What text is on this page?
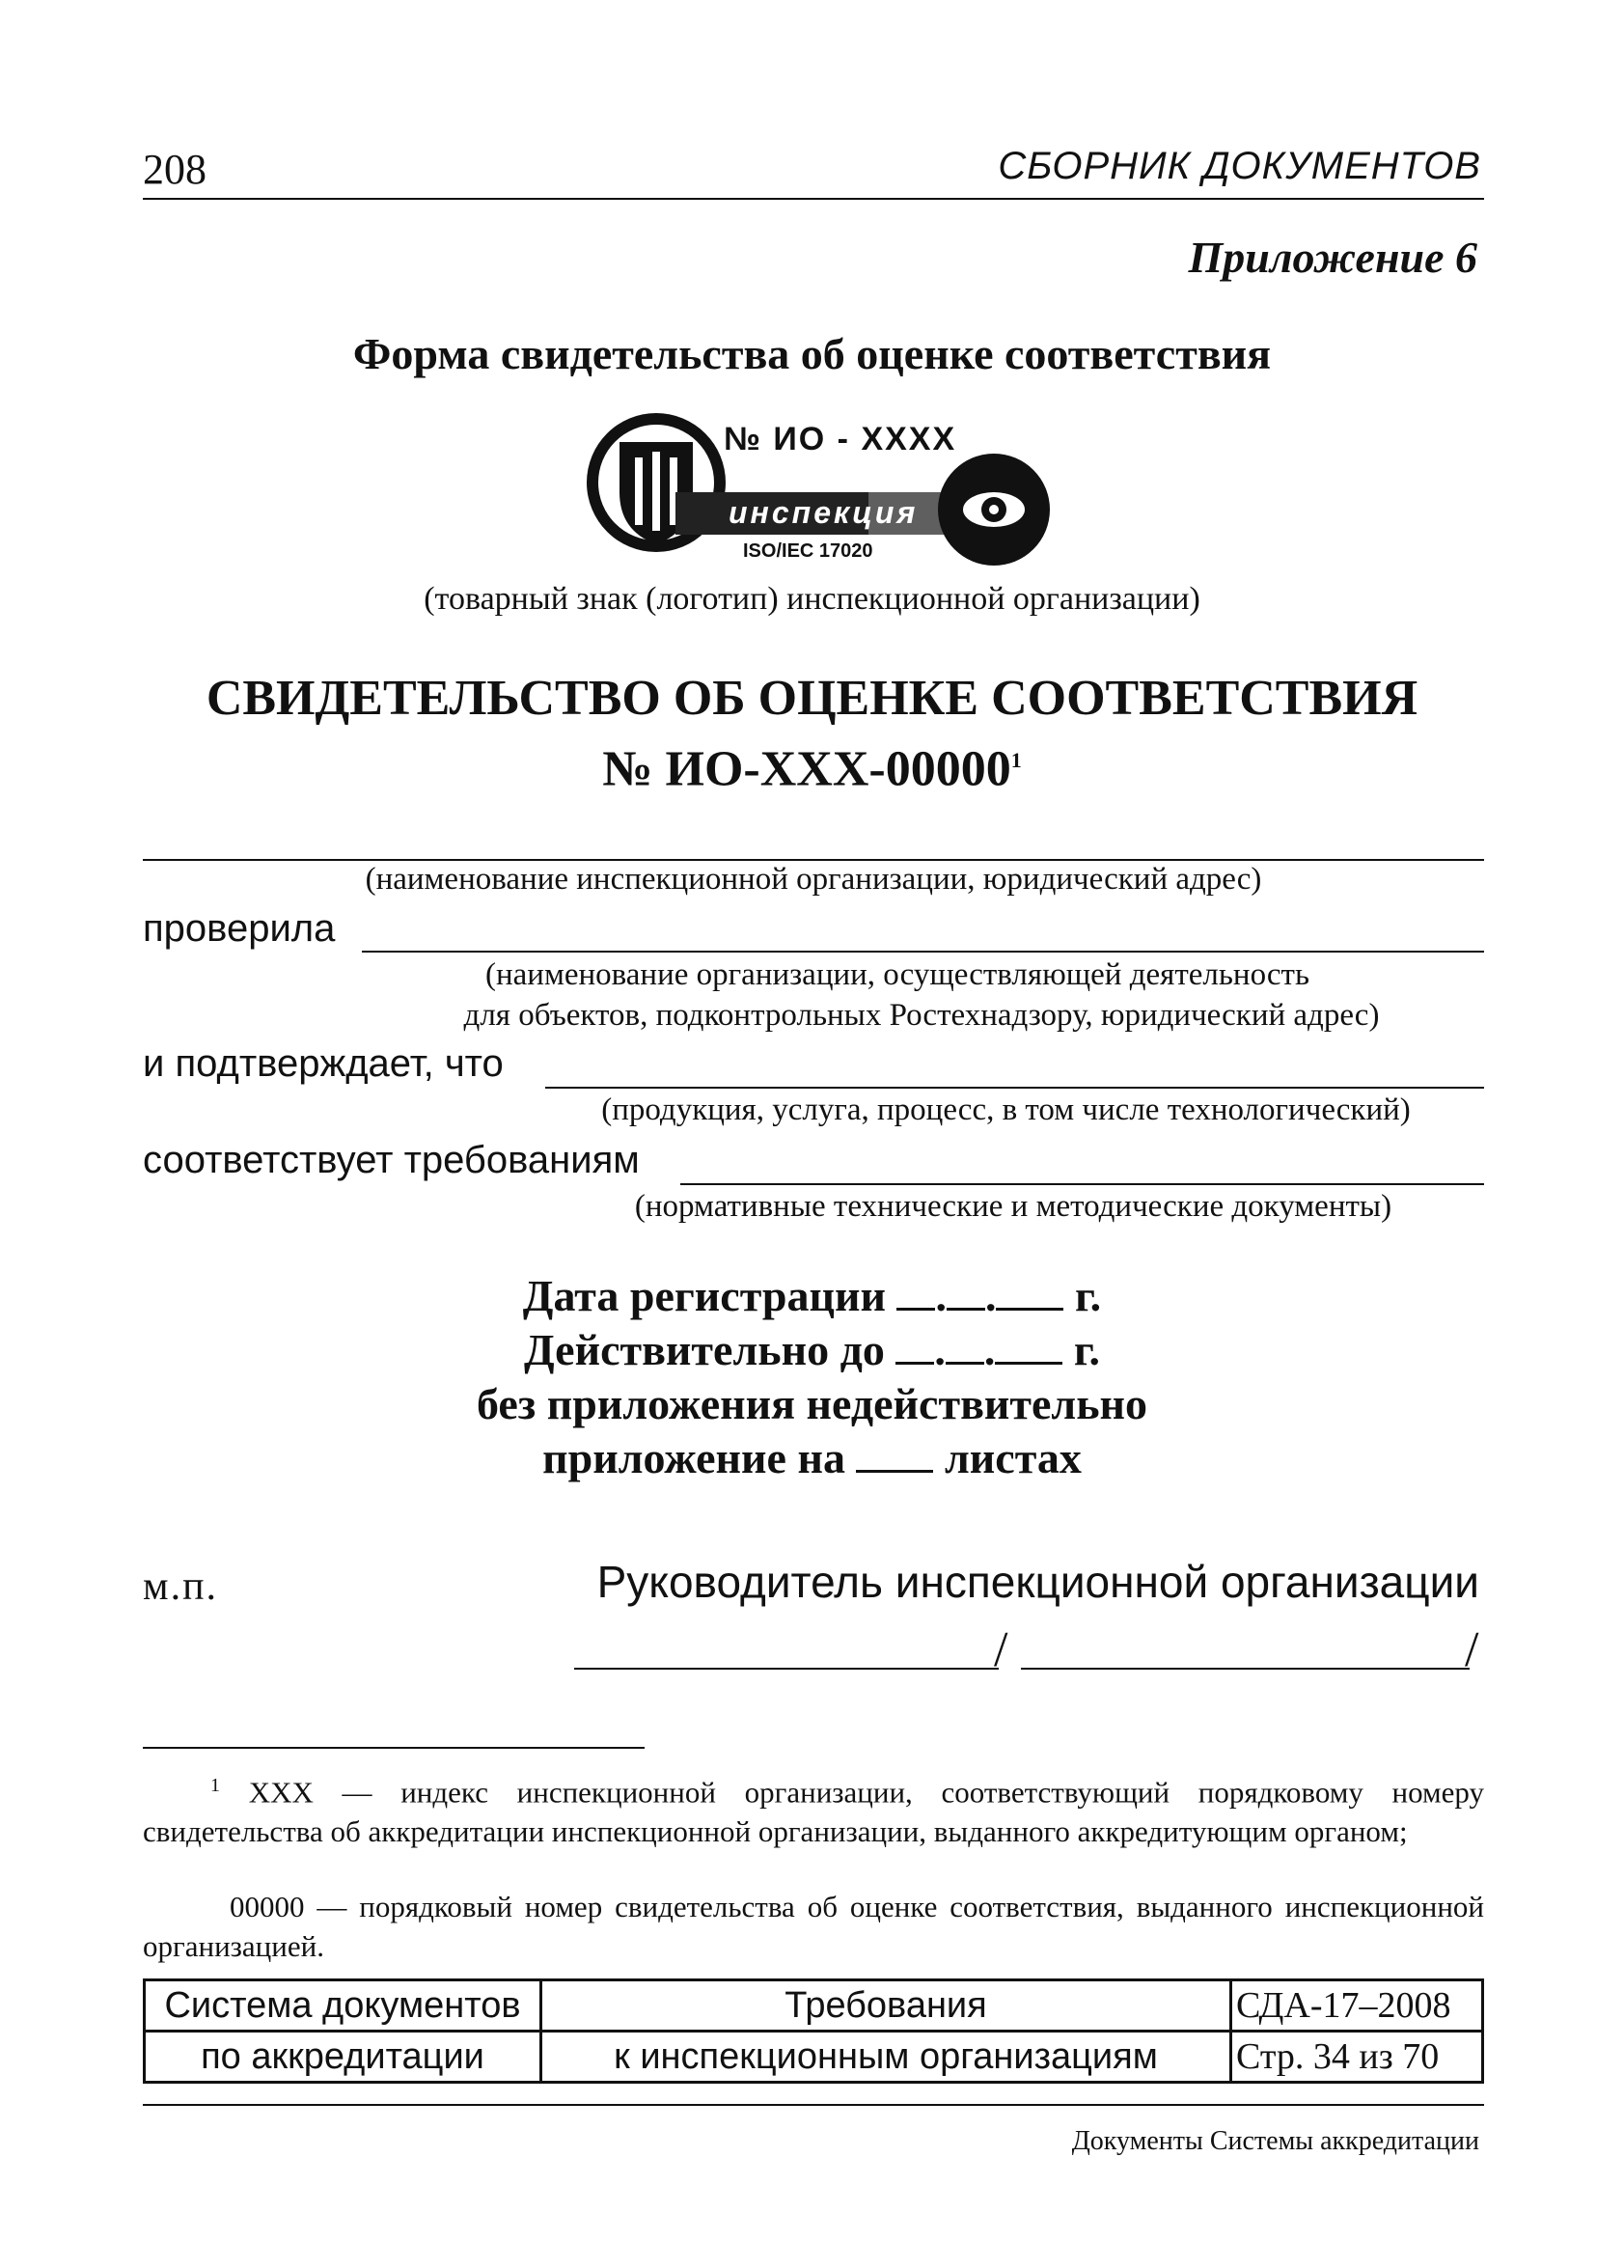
208	СБОРНИК ДОКУМЕНТОВ
Приложение 6
Форма свидетельства об оценке соответствия
№ ИО - XXXX
инспекция
ISO/IEC 17020
(товарный знак (логотип) инспекционной организации)
СВИДЕТЕЛЬСТВО ОБ ОЦЕНКЕ СООТВЕТСТВИЯ
№ ИО-XXX-00000$^1$
(наименование инспекционной организации, юридический адрес)
проверила
(наименование организации, осуществляющей деятельность
для объектов, подконтрольных Ростехнадзору, юридический адрес)
и подтверждает, что
(продукция, услуга, процесс, в том числе технологический)
соответствует требованиям
(нормативные технические и методические документы)
Дата регистрации . . г.
Действительно до . . г.
без приложения недействительно
приложение на листах
м.п.	Руководитель инспекционной организации
/	/
$^1$ XXX — индекс инспекционной организации, соответствующий порядковому номеру свидетельства об аккредитации инспекционной организации, выданного аккредитующим органом;
00000 — порядковый номер свидетельства об оценке соответствия, выданного инспекционной организацией.
Система документов	Требования	СДА-17–2008
по аккредитации	к инспекционным организациям	Стр. 34 из 70
Документы Системы аккредитации
